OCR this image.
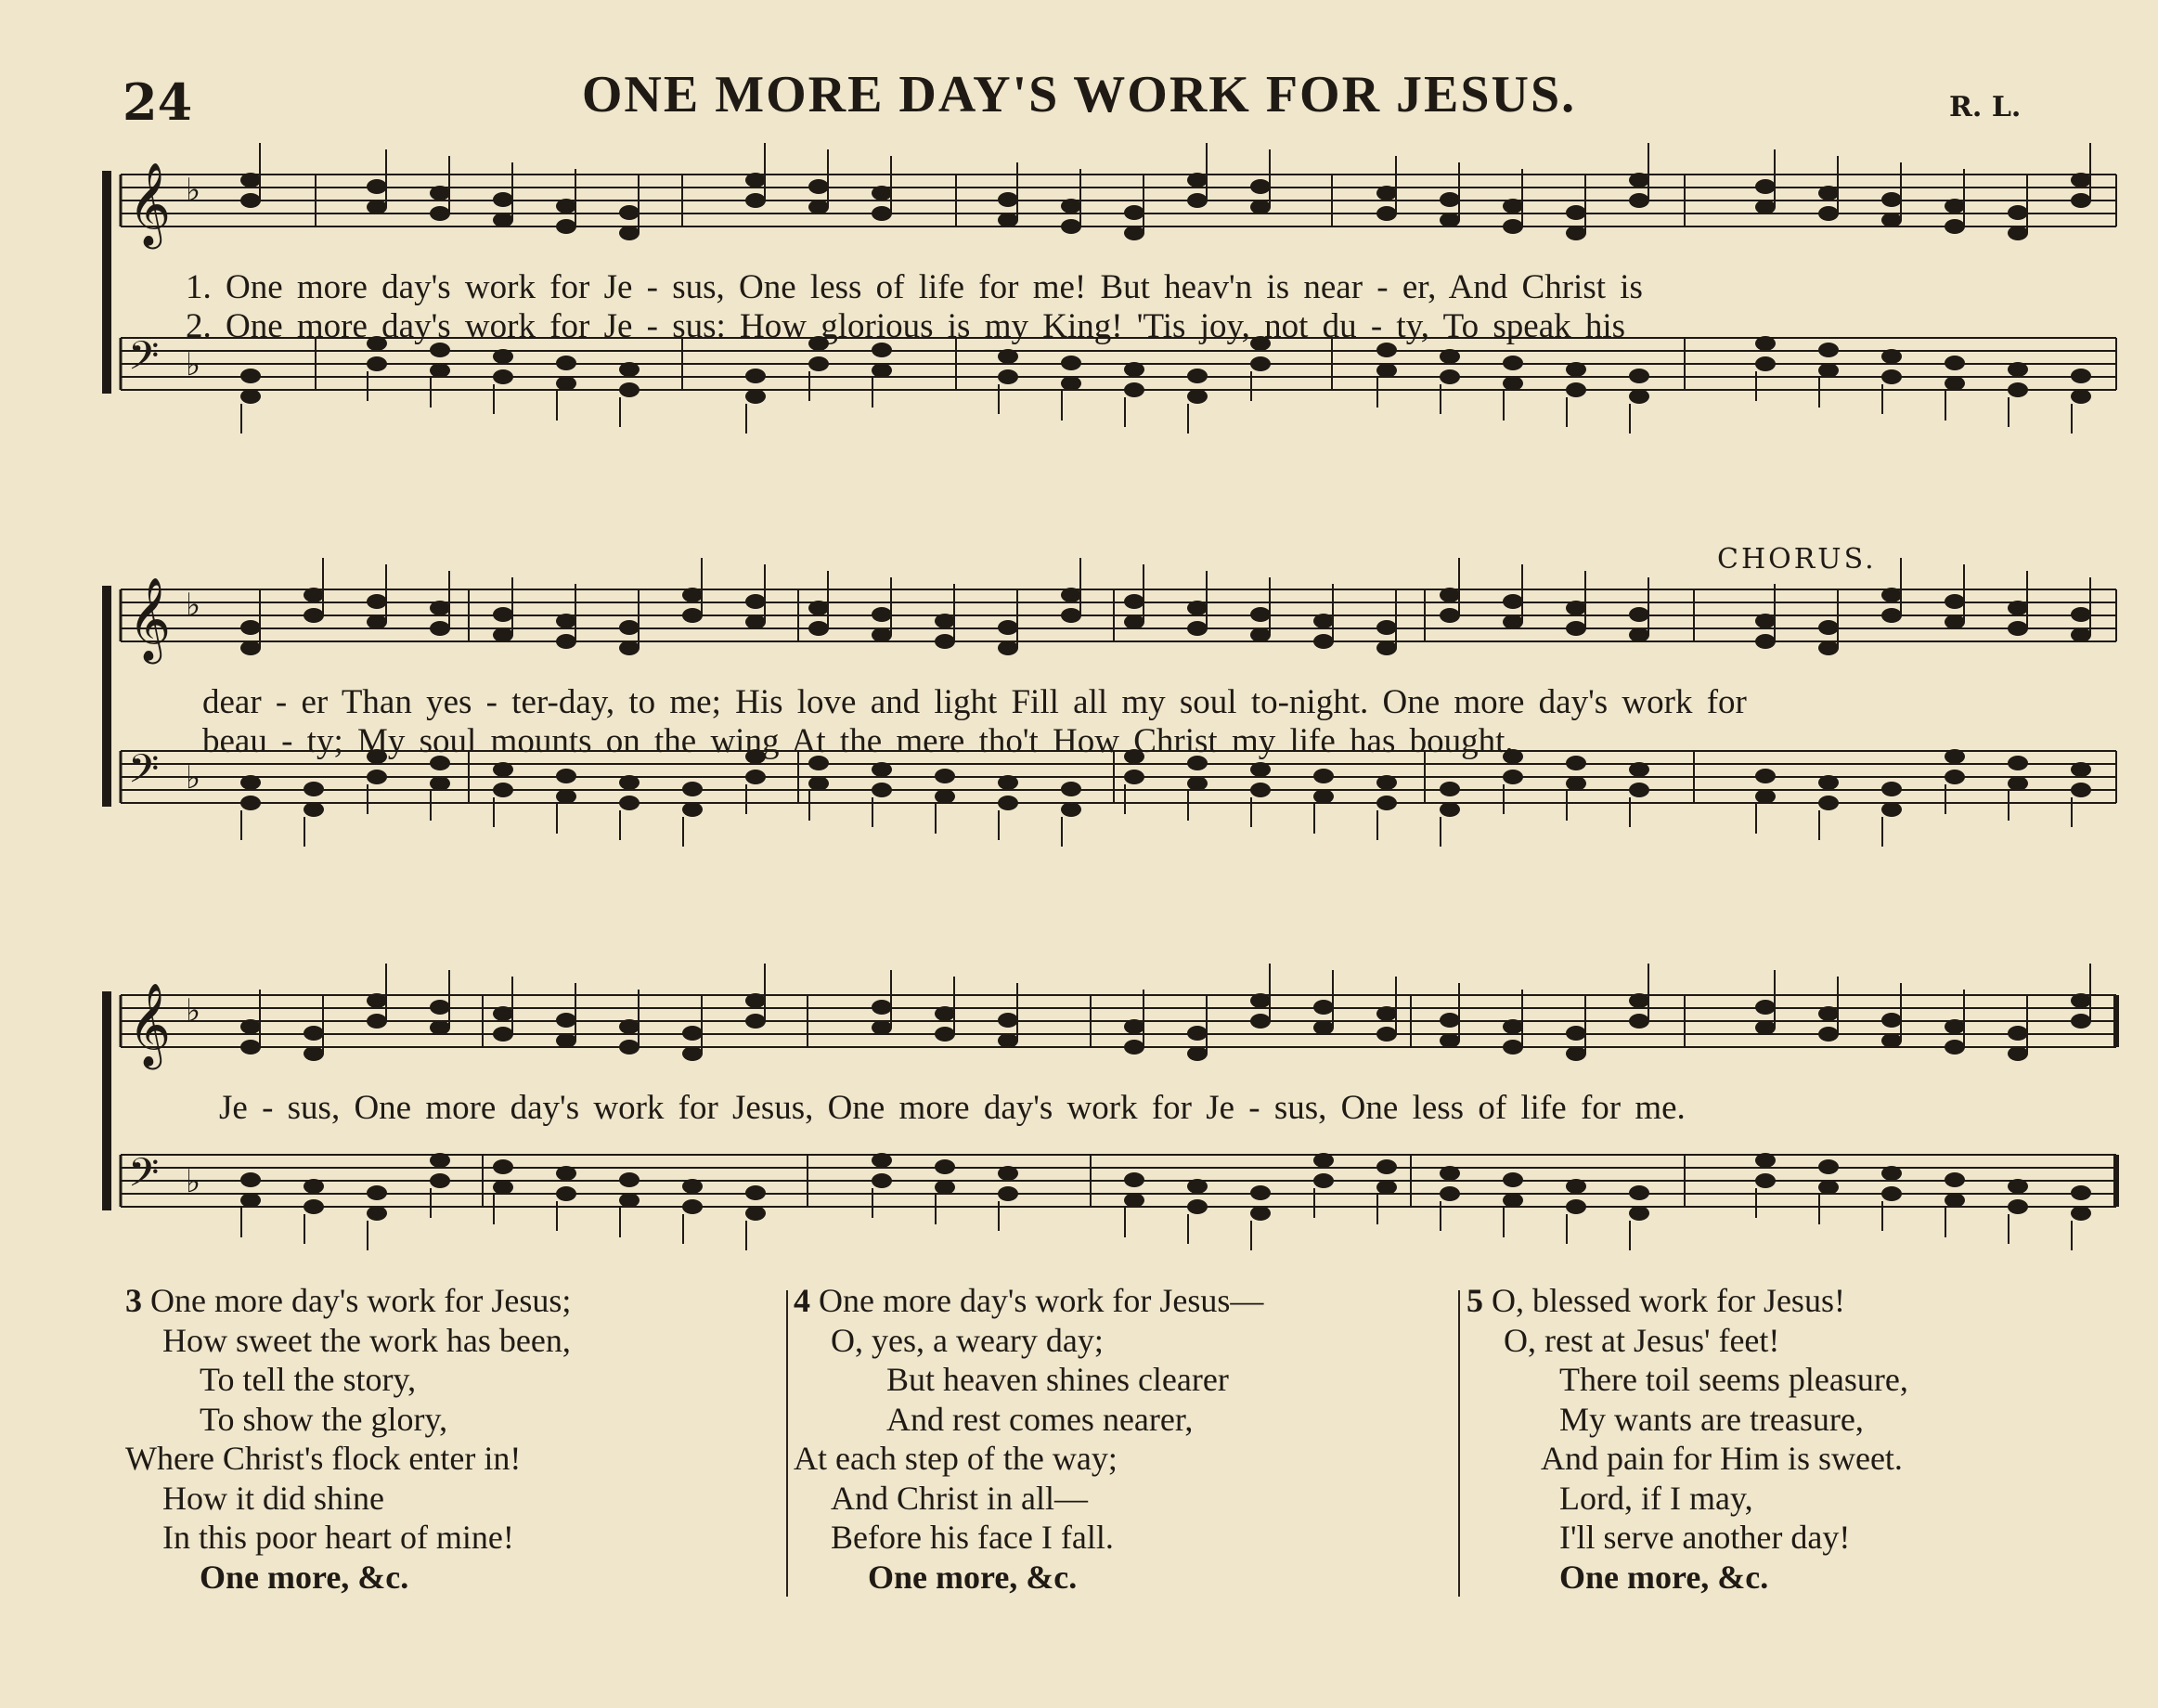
24	ONE MORE DAY'S WORK FOR JESUS.	R. L.
CHORUS.
𝄞 ♭
𝄢 ♭
𝄞 ♭
𝄢 ♭
𝄞 ♭
𝄢 ♭
1. One more day's work for Je - sus, One less of life for me! But heav'n is near - er, And Christ is
2. One more day's work for Je - sus: How glorious is my King! 'Tis joy, not du - ty, To speak his
dear - er Than yes - ter-day, to me; His love and light Fill all my soul to-night. One more day's work for
beau - ty; My soul mounts on the wing At the mere tho't How Christ my life has bought.
Je - sus, One more day's work for Jesus, One more day's work for Je - sus, One less of life for me.
3 One more day's work for Jesus;
How sweet the work has been,
To tell the story,
To show the glory,
Where Christ's flock enter in!
How it did shine
In this poor heart of mine!
One more, &c.
4 One more day's work for Jesus—
O, yes, a weary day;
But heaven shines clearer
And rest comes nearer,
At each step of the way;
And Christ in all—
Before his face I fall.
One more, &c.
5 O, blessed work for Jesus!
O, rest at Jesus' feet!
There toil seems pleasure,
My wants are treasure,
And pain for Him is sweet.
Lord, if I may,
I'll serve another day!
One more, &c.
